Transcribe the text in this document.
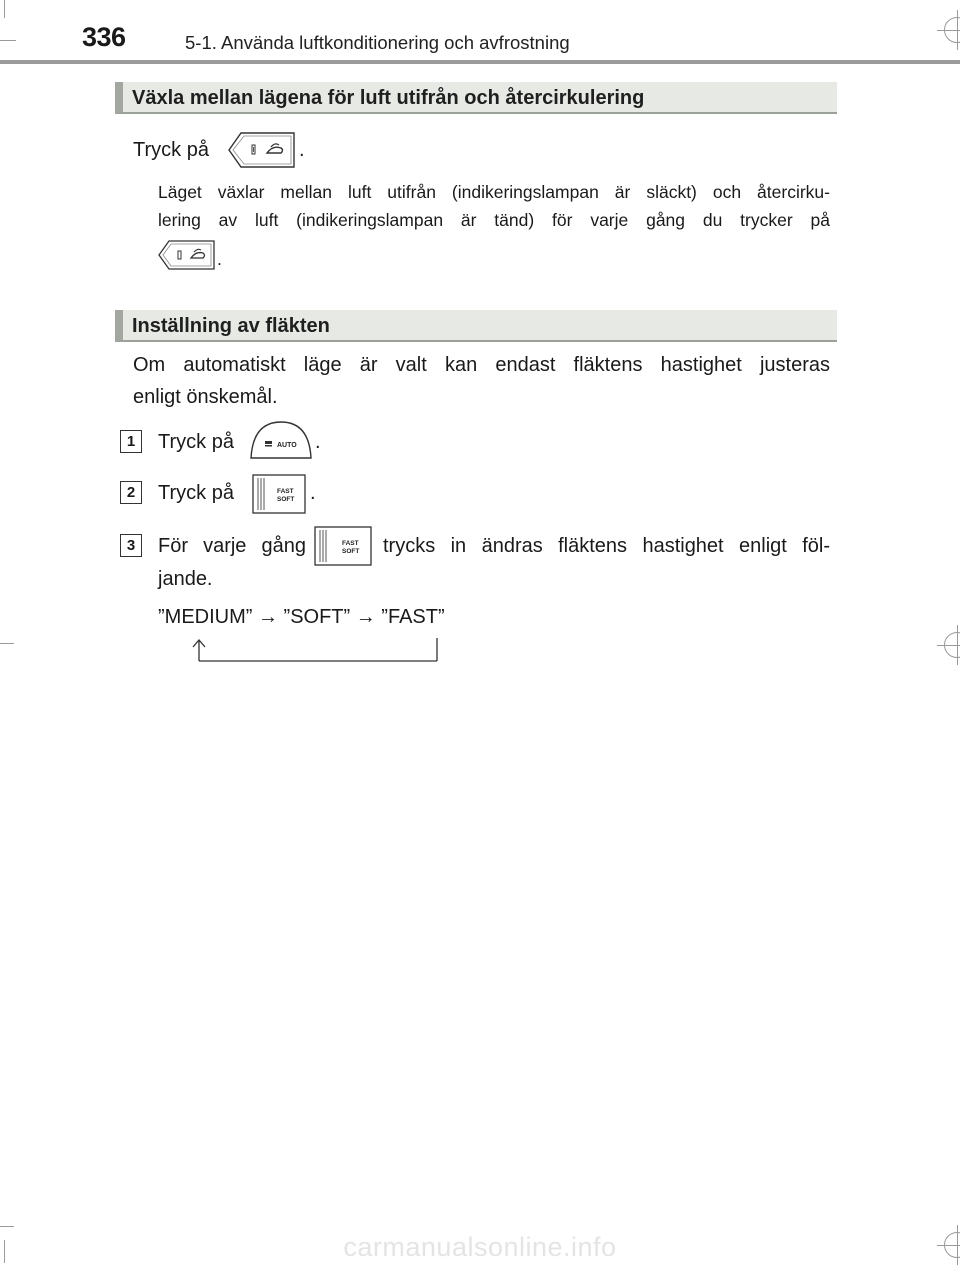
336	5-1. Använda luftkonditionering och avfrostning
Växla mellan lägena för luft utifrån och återcirkulering
Tryck på	.
Läget växlar mellan luft utifrån (indikeringslampan är släckt) och återcirku-
lering av luft (indikeringslampan är tänd) för varje gång du trycker på
.
Inställning av fläkten
Om automatiskt läge är valt kan endast fläktens hastighet justeras
enligt önskemål.
1	Tryck på	AUTO .
2	Tryck på	FAST
SOFT .
3	För varje gång	FAST
SOFT trycks in ändras fläktens hastighet enligt föl-
jande.
”MEDIUM” → ”SOFT” → ”FAST”
carmanualsonline.info
